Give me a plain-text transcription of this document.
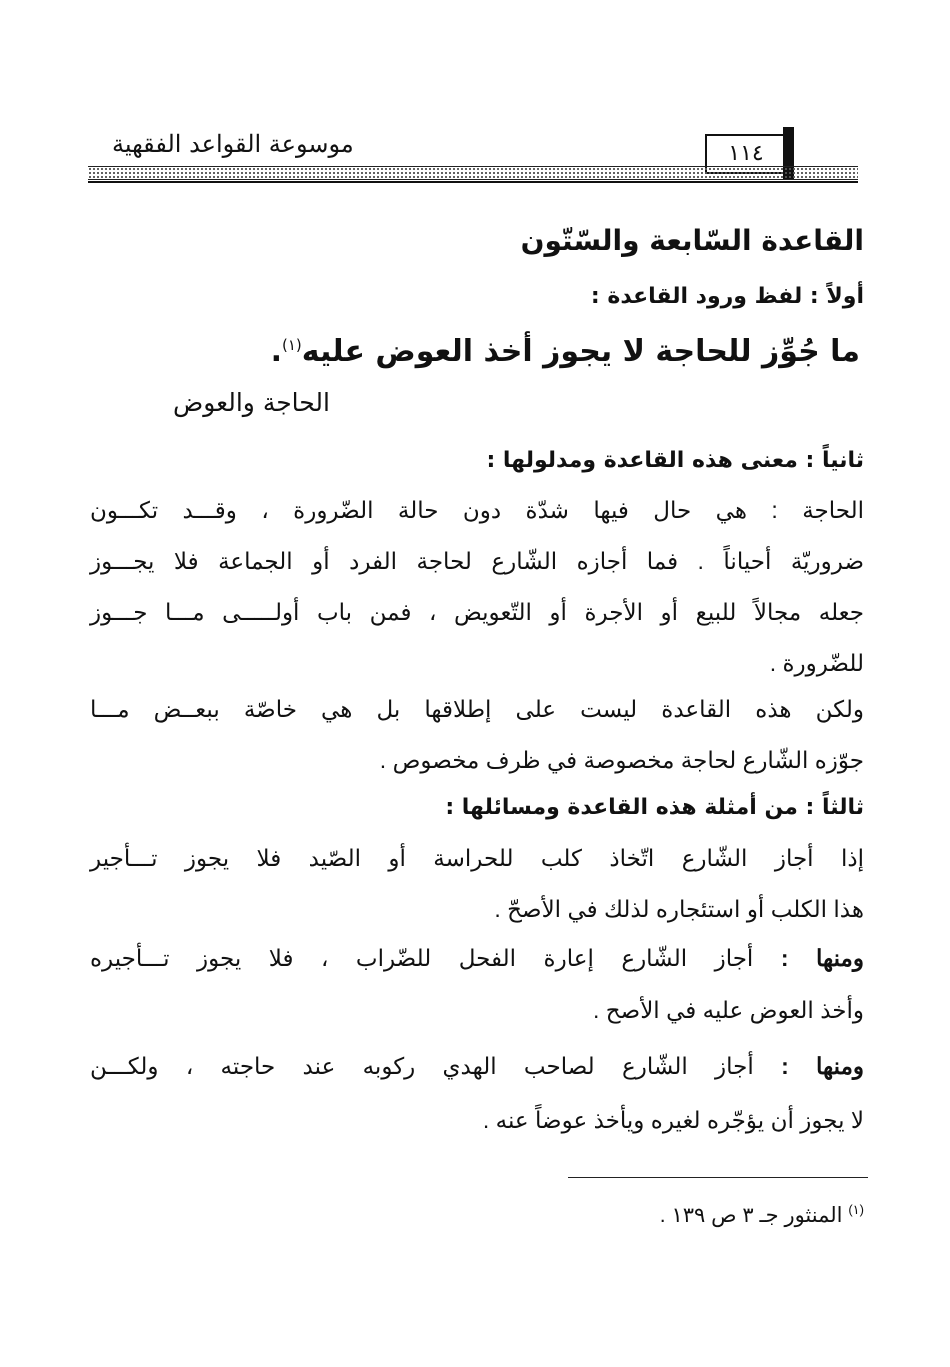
موسوعة القواعد الفقهية	١١٤
القاعدة السّابعة والسّتّون
أولاً : لفظ ورود القاعدة :
ما جُوِّز للحاجة لا يجوز أخذ العوض عليه$^{(١)}$.
الحاجة والعوض
ثانياً : معنى هذه القاعدة ومدلولها :
الحاجة : هي حال فيها شدّة دون حالة الضّرورة ، وقـــد تكـــون
ضروريّة أحياناً . فما أجازه الشّارع لحاجة الفرد أو الجماعة فلا يجـــوز
جعله مجالاً للبيع أو الأجرة أو التّعويض ، فمن باب أولـــــى مـــا جـــوز
للضّرورة .
ولكن هذه القاعدة ليست على إطلاقها بل هي خاصّة ببعــض مـــا
جوّزه الشّارع لحاجة مخصوصة في ظرف مخصوص .
ثالثاً : من أمثلة هذه القاعدة ومسائلها :
إذا أجاز الشّارع اتّخاذ كلب للحراسة أو الصّيد فلا يجوز تـــأجير
هذا الكلب أو استئجاره لذلك في الأصحّ .
ومنها : أجاز الشّارع إعارة الفحل للضّراب ، فلا يجوز تـــأجيره
وأخذ العوض عليه في الأصح .
ومنها : أجاز الشّارع لصاحب الهدي ركوبه عند حاجته ، ولكـــن
لا يجوز أن يؤجّره لغيره ويأخذ عوضاً عنه .
$^{(١)}$ المنثور جـ ٣ ص ١٣٩ .
